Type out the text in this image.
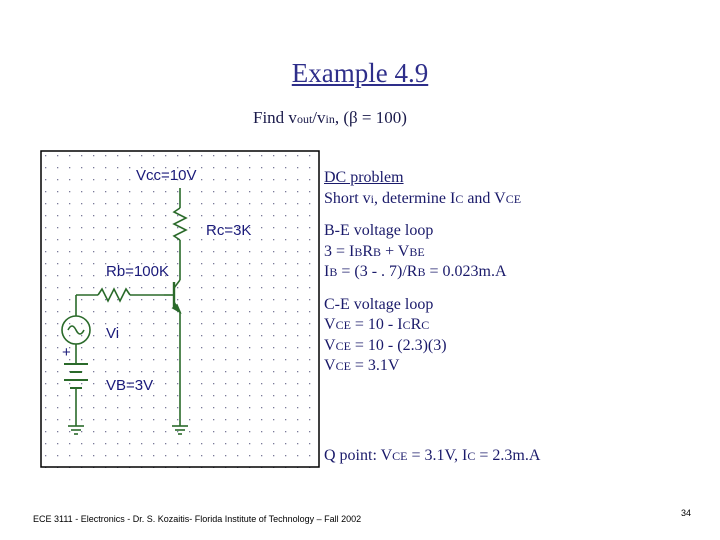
Example 4.9
Find vout/vin, (β = 100)
Vcc=10V
Rc=3K
Rb=100K
Vi
VB=3V
+
DC problem
Short vi, determine IC and VCE
B-E voltage loop
3 = IBRB + VBE
IB = (3 - . 7)/RB = 0.023m.A
C-E voltage loop
VCE = 10 - ICRC
VCE = 10 - (2.3)(3)
VCE = 3.1V
Q point: VCE = 3.1V, IC = 2.3m.A
ECE 3111 - Electronics - Dr. S. Kozaitis- Florida Institute of Technology – Fall 2002
34
